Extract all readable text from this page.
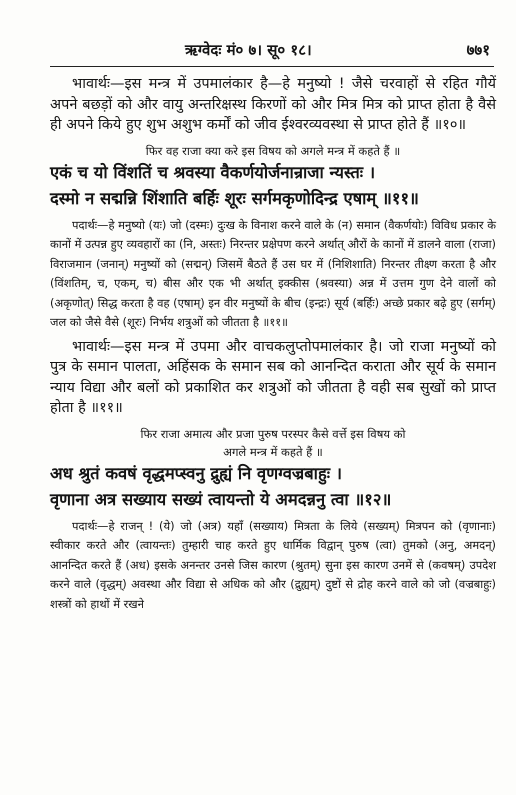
ऋग्वेदः मं० ७। सू० १८।	७७१
भावार्थः—इस मन्त्र में उपमालंकार है—हे मनुष्यो ! जैसे चरवाहों से रहित गौयें अपने बछड़ों को और वायु अन्तरिक्षस्थ किरणों को और मित्र मित्र को प्राप्त होता है वैसे ही अपने किये हुए शुभ अशुभ कर्मों को जीव ईश्वरव्यवस्था से प्राप्त होते हैं ॥१०॥
फिर वह राजा क्या करे इस विषय को अगले मन्त्र में कहते हैं ॥
एकं च यो विंशतिं च श्रवस्या वैकर्णयोर्जनान्राजा न्यस्तः ।
दस्मो न सद्मन्नि शिंशाति बर्हिः शूरः सर्गमकृणोदिन्द्र एषाम् ॥११॥
पदार्थः—हे मनुष्यो (यः) जो (दस्मः) दुःख के विनाश करने वाले के (न) समान (वैकर्णयोः) विविध प्रकार के कानों में उत्पन्न हुए व्यवहारों का (नि, अस्तः) निरन्तर प्रक्षेपण करने अर्थात् औरों के कानों में डालने वाला (राजा) विराजमान (जनान्) मनुष्यों को (सद्मन्) जिसमें बैठते हैं उस घर में (निशिशाति) निरन्तर तीक्ष्ण करता है और (विंशतिम्, च, एकम्, च) बीस और एक भी अर्थात् इक्कीस (श्रवस्या) अन्न में उत्तम गुण देने वालों को (अकृणोत्) सिद्ध करता है वह (एषाम्) इन वीर मनुष्यों के बीच (इन्द्रः) सूर्य (बर्हिः) अच्छे प्रकार बढ़े हुए (सर्गम्) जल को जैसे वैसे (शूरः) निर्भय शत्रुओं को जीतता है ॥११॥
भावार्थः—इस मन्त्र में उपमा और वाचकलुप्तोपमालंकार है। जो राजा मनुष्यों को पुत्र के समान पालता, अहिंसक के समान सब को आनन्दित कराता और सूर्य के समान न्याय विद्या और बलों को प्रकाशित कर शत्रुओं को जीतता है वही सब सुखों को प्राप्त होता है ॥११॥
फिर राजा अमात्य और प्रजा पुरुष परस्पर कैसे वर्त्ते इस विषय को
अगले मन्त्र में कहते हैं ॥
अध श्रुतं कवषं वृद्धमप्स्वनु द्रुह्यं नि वृणग्वज्रबाहुः ।
वृणाना अत्र सख्याय सख्यं त्वायन्तो ये अमदन्ननु त्वा ॥१२॥
पदार्थः—हे राजन् ! (ये) जो (अत्र) यहाँ (सख्याय) मित्रता के लिये (सख्यम्) मित्रपन को (वृणानाः) स्वीकार करते और (त्वायन्तः) तुम्हारी चाह करते हुए धार्मिक विद्वान् पुरुष (त्वा) तुमको (अनु, अमदन्) आनन्दित करते हैं (अध) इसके अनन्तर उनसे जिस कारण (श्रुतम्) सुना इस कारण उनमें से (कवषम्) उपदेश करने वाले (वृद्धम्) अवस्था और विद्या से अधिक को और (द्रुह्यम्) दुष्टों से द्रोह करने वाले को जो (वज्रबाहुः) शस्त्रों को हाथों में रखने
